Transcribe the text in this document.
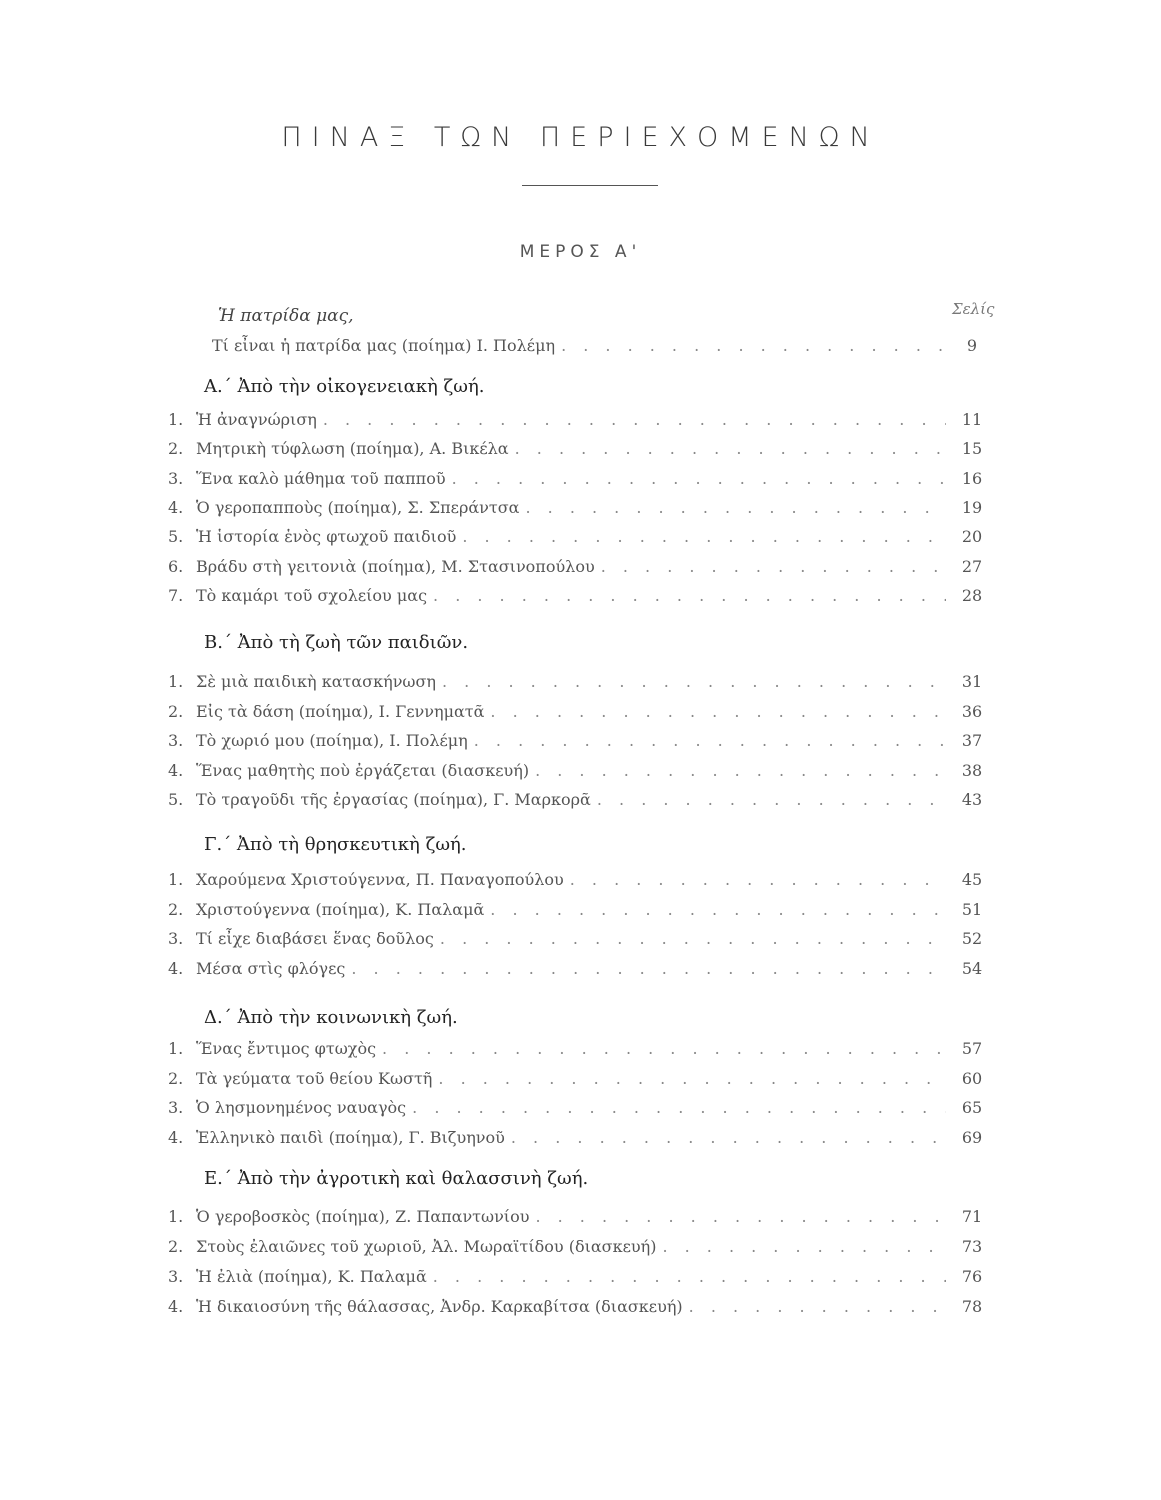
ΠΙΝΑΞ ΤΩΝ ΠΕΡΙΕΧΟΜΕΝΩΝ
ΜΕΡΟΣ Α'
Σελίς
Ἡ πατρίδα μας,
Τί εἶναι ἡ πατρίδα μας (ποίημα) Ι. Πολέμη . . .	9
Α.΄ Ἀπὸ τὴν οἰκογενειακὴ ζωή.
1. Ἡ ἀναγνώριση . . .	11
2. Μητρικὴ τύφλωση (ποίημα), Α. Βικέλα . . .	15
3. Ἕνα καλὸ μάθημα τοῦ παπποῦ . . .	16
4. Ὁ γεροπαπποὺς (ποίημα), Σ. Σπεράντσα . . .	19
5. Ἡ ἱστορία ἑνὸς φτωχοῦ παιδιοῦ . . .	20
6. Βράδυ στὴ γειτονιὰ (ποίημα), Μ. Στασινοπούλου . . .	27
7. Τὸ καμάρι τοῦ σχολείου μας . . .	28
Β.΄ Ἀπὸ τὴ ζωὴ τῶν παιδιῶν.
1. Σὲ μιὰ παιδικὴ κατασκήνωση . . .	31
2. Εἰς τὰ δάση (ποίημα), Ι. Γεννηματᾶ . . .	36
3. Τὸ χωριό μου (ποίημα), Ι. Πολέμη . . .	37
4. Ἕνας μαθητὴς ποὺ ἐργάζεται (διασκευή) . . .	38
5. Τὸ τραγοῦδι τῆς ἐργασίας (ποίημα), Γ. Μαρκορᾶ . . .	43
Γ.΄ Ἀπὸ τὴ θρησκευτικὴ ζωή.
1. Χαρούμενα Χριστούγεννα, Π. Παναγοπούλου . . .	45
2. Χριστούγεννα (ποίημα), Κ. Παλαμᾶ . . .	51
3. Τί εἶχε διαβάσει ἕνας δοῦλος . . .	52
4. Μέσα στὶς φλόγες . . .	54
Δ.΄ Ἀπὸ τὴν κοινωνικὴ ζωή.
1. Ἕνας ἔντιμος φτωχὸς . . .	57
2. Τὰ γεύματα τοῦ θείου Κωστῆ . . .	60
3. Ὁ λησμονημένος ναυαγὸς . . .	65
4. Ἑλληνικὸ παιδὶ (ποίημα), Γ. Βιζυηνοῦ . . .	69
Ε.΄ Ἀπὸ τὴν ἀγροτικὴ καὶ θαλασσινὴ ζωή.
1. Ὁ γεροβοσκὸς (ποίημα), Ζ. Παπαντωνίου . . .	71
2. Στοὺς ἐλαιῶνες τοῦ χωριοῦ, Ἀλ. Μωραϊτίδου (διασκευή) . . .	73
3. Ἡ ἐλιὰ (ποίημα), Κ. Παλαμᾶ . . .	76
4. Ἡ δικαιοσύνη τῆς θάλασσας, Ἀνδρ. Καρκαβίτσα (διασκευή) . . .	78
